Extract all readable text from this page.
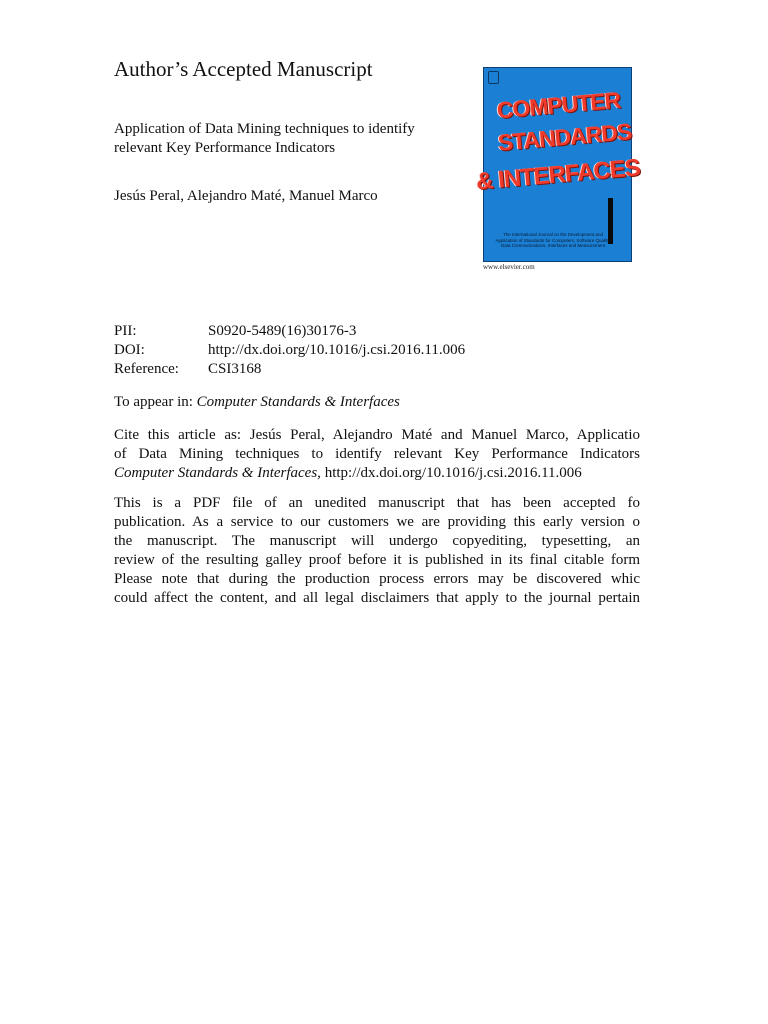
Author’s Accepted Manuscript
Application of Data Mining techniques to identify relevant Key Performance Indicators
Jesús Peral, Alejandro Maté, Manuel Marco
COMPUTER
STANDARDS
& INTERFACES
The International Journal on the Development and Application of Standards for Computers, Software Quality, Data Communications, Interfaces and Measurement
www.elsevier.com
PII:	S0920-5489(16)30176-3
DOI:	http://dx.doi.org/10.1016/j.csi.2016.11.006
Reference: CSI3168
To appear in: Computer Standards & Interfaces
Cite this article as: Jesús Peral, Alejandro Maté and Manuel Marco, Applicatio
of Data Mining techniques to identify relevant Key Performance Indicators
Computer Standards & Interfaces, http://dx.doi.org/10.1016/j.csi.2016.11.006
This is a PDF file of an unedited manuscript that has been accepted fo
publication. As a service to our customers we are providing this early version o
the manuscript. The manuscript will undergo copyediting, typesetting, an
review of the resulting galley proof before it is published in its final citable form
Please note that during the production process errors may be discovered whic
could affect the content, and all legal disclaimers that apply to the journal pertain
